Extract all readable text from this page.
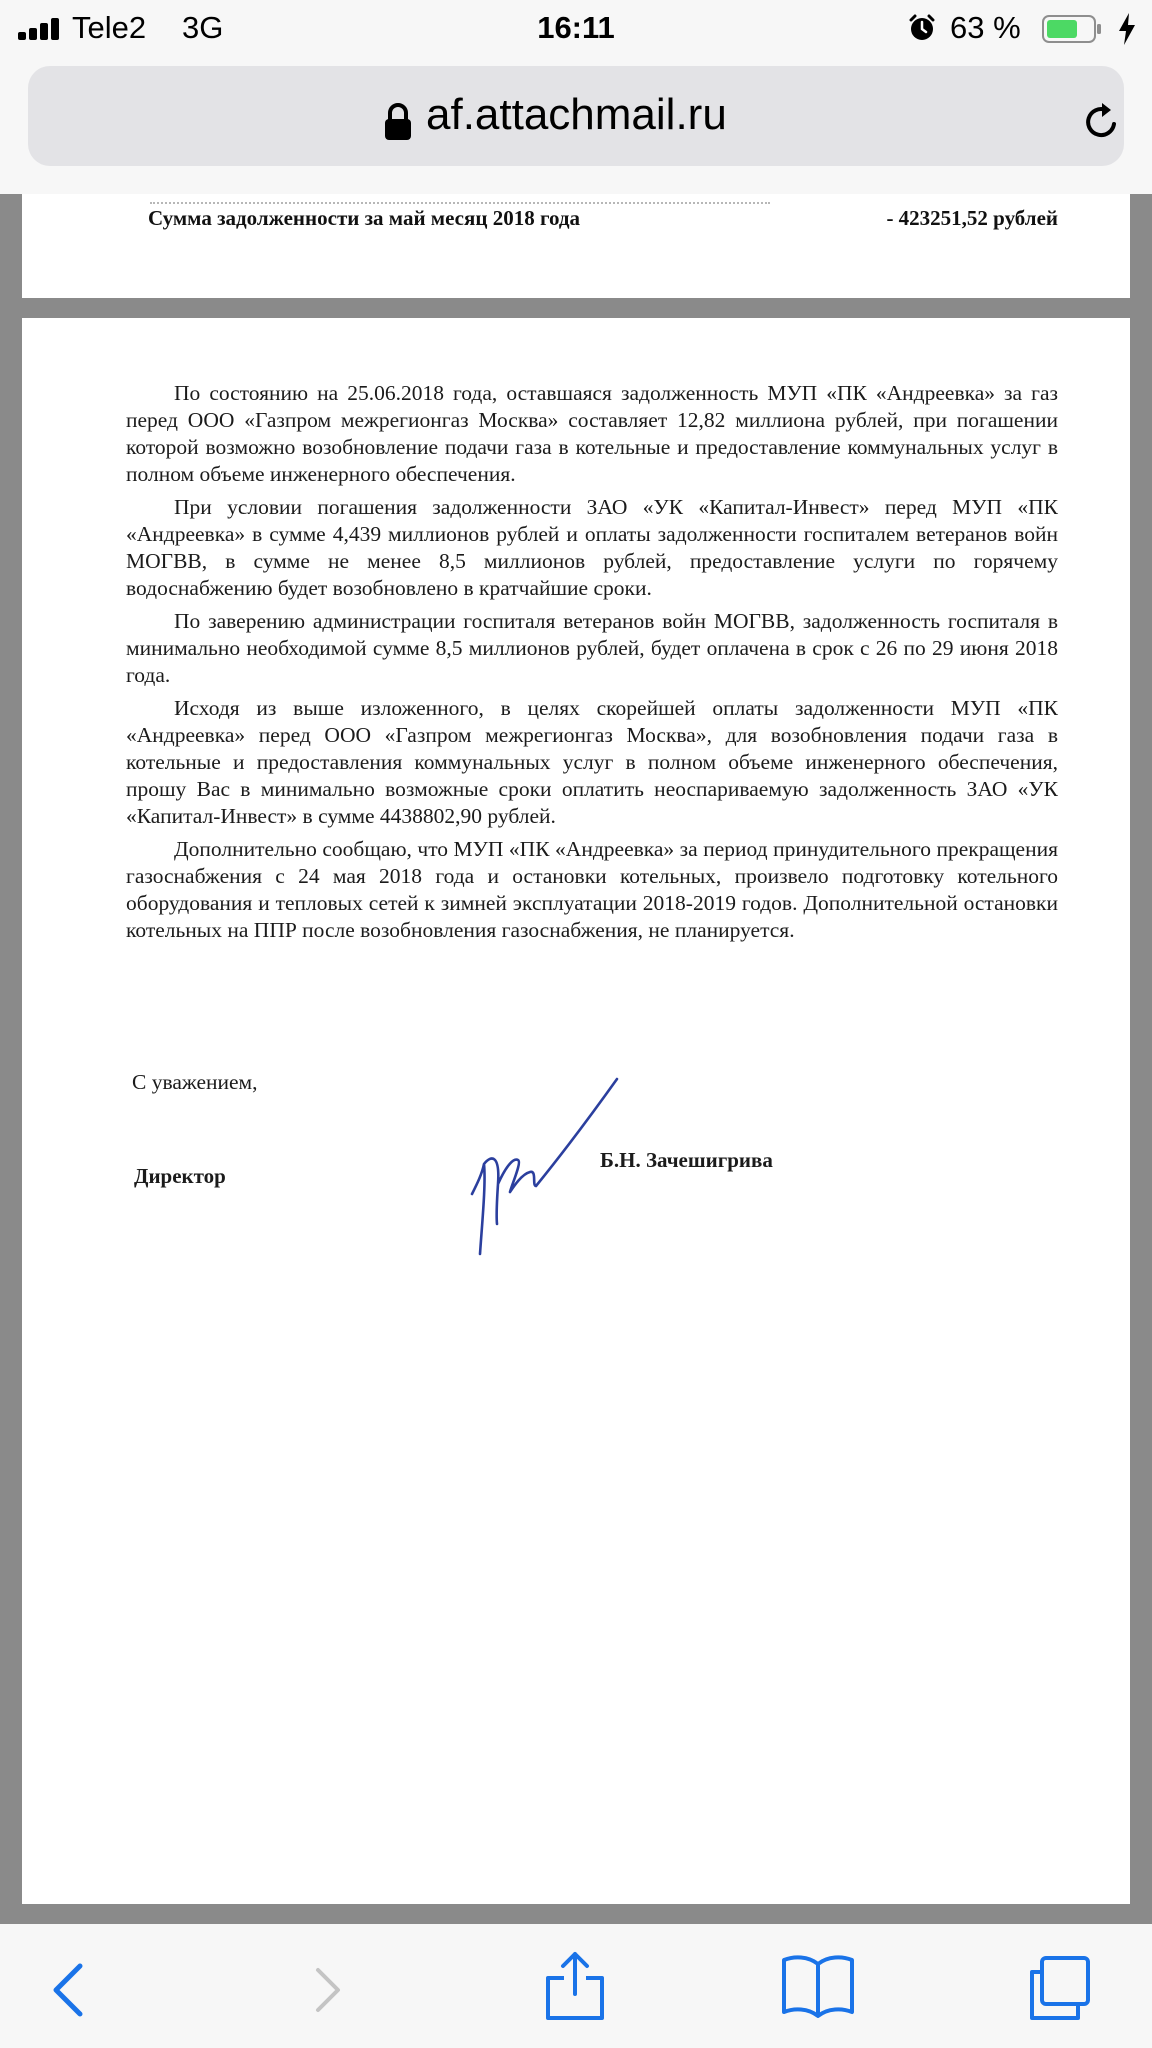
Tele2 3G	16:11	63 %
af.attachmail.ru
Сумма задолженности за май месяц 2018 года	- 423251,52 рублей

По состоянию на 25.06.2018 года, оставшаяся задолженность МУП «ПК «Андреевка» за газ перед ООО «Газпром межрегионгаз Москва» составляет 12,82 миллиона рублей, при погашении которой возможно возобновление подачи газа в котельные и предоставление коммунальных услуг в полном объеме инженерного обеспечения.

При условии погашения задолженности ЗАО «УК «Капитал-Инвест» перед МУП «ПК «Андреевка» в сумме 4,439 миллионов рублей и оплаты задолженности госпиталем ветеранов войн МОГВВ, в сумме не менее 8,5 миллионов рублей, предоставление услуги по горячему водоснабжению будет возобновлено в кратчайшие сроки.

По заверению администрации госпиталя ветеранов войн МОГВВ, задолженность госпиталя в минимально необходимой сумме 8,5 миллионов рублей, будет оплачена в срок с 26 по 29 июня 2018 года.

Исходя из выше изложенного, в целях скорейшей оплаты задолженности МУП «ПК «Андреевка» перед ООО «Газпром межрегионгаз Москва», для возобновления подачи газа в котельные и предоставления коммунальных услуг в полном объеме инженерного обеспечения, прошу Вас в минимально возможные сроки оплатить неоспариваемую задолженность ЗАО «УК «Капитал-Инвест» в сумме 4438802,90 рублей.

Дополнительно сообщаю, что МУП «ПК «Андреевка» за период принудительного прекращения газоснабжения с 24 мая 2018 года и остановки котельных, произвело подготовку котельного оборудования и тепловых сетей к зимней эксплуатации 2018-2019 годов. Дополнительной остановки котельных на ППР после возобновления газоснабжения, не планируется.

С уважением,
Директор
Б.Н. Зачешигрива
